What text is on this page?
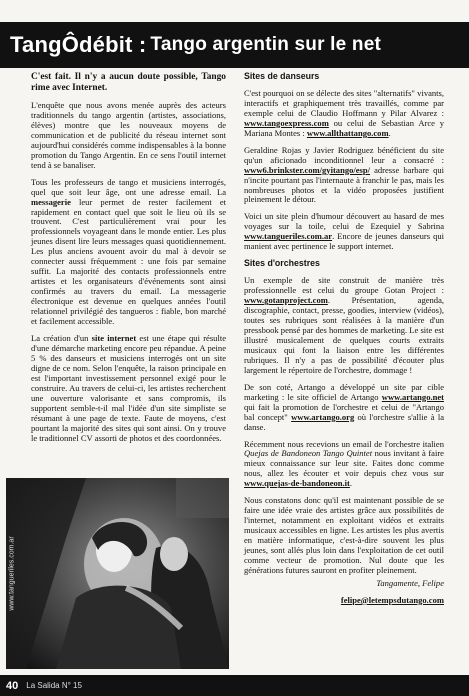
TangÔdébit : Tango argentin sur le net

C'est fait. Il n'y a aucun doute possible, Tango rime avec Internet.

L'enquête que nous avons menée auprès des acteurs traditionnels du tango argentin (artistes, associations, élèves) montre que les nouveaux moyens de communication et de publicité du réseau internet sont aujourd'hui considérés comme indispensables à la bonne promotion du Tango Argentin. En ce sens l'outil internet tend à se banaliser.

Tous les professeurs de tango et musiciens interrogés, quel que soit leur âge, ont une adresse email. La messagerie leur permet de rester facilement et rapidement en contact quel que soit le lieu où ils se trouvent. C'est particulièrement vrai pour les professionnels voyageant dans le monde entier. Les plus jeunes disent lire leurs messages quasi quotidiennement. Les plus anciens avouent avoir du mal à devoir se connecter aussi fréquemment : une fois par semaine suffit. La majorité des contacts professionnels entre artistes et les organisateurs d'événements sont ainsi confirmés au travers du email. La messagerie électronique est devenue en quelques années l'outil relationnel privilégié des tangueros : fiable, bon marché et facilement accessible.

La création d'un site internet est une étape qui résulte d'une démarche marketing encore peu répandue. A peine 5 % des danseurs et musiciens interrogés ont un site digne de ce nom. Selon l'enquête, la raison principale en est l'important investissement personnel exigé pour le construire. Au travers de celui-ci, les artistes recherchent une ouverture valorisante et sans compromis, ils supportent semble-t-il mal l'idée d'un site simpliste se résumant à une page de texte. Faute de moyens, c'est pourtant la majorité des sites qui sont ainsi. On y trouve le traditionnel CV assorti de photos et des coordonnées.

www.tangueriles.com.ar

Sites de danseurs

C'est pourquoi on se délecte des sites "alternatifs" vivants, interactifs et graphiquement très travaillés, comme par exemple celui de Claudio Hoffmann y Pilar Alvarez : www.tangoexpress.com ou celui de Sebastian Arce y Mariana Montes : www.allthattango.com.

Geraldine Rojas y Javier Rodriguez bénéficient du site qu'un aficionado inconditionnel leur a consacré : www6.brinkster.com/gyitango/esp/ adresse barbare qui n'incite pourtant pas l'internaute à franchir le pas, mais les nombreuses photos et la vidéo proposées justifient pleinement le détour.

Voici un site plein d'humour découvert au hasard de mes voyages sur la toile, celui de Ezequiel y Sabrina www.tangueriles.com.ar. Encore de jeunes danseurs qui manient avec pertinence le support internet.

Sites d'orchestres

Un exemple de site construit de manière très professionnelle est celui du groupe Gotan Project : www.gotanproject.com. Présentation, agenda, discographie, contact, presse, goodies, interview (vidéos), toutes ses rubriques sont réalisées à la manière d'un pressbook pensé par des hommes de marketing. Le site est illustré musicalement de quelques courts extraits musicaux qui font la liaison entre les différentes rubriques. Il n'y a pas de possibilité d'écouter plus largement le répertoire de l'orchestre, dommage !

De son coté, Artango a développé un site par cible marketing : le site officiel de Artango www.artango.net qui fait la promotion de l'orchestre et celui de "Artango bal concept" www.artango.org où l'orchestre s'allie à la danse.

Récemment nous recevions un email de l'orchestre italien Quejas de Bandoneon Tango Quintet nous invitant à faire mieux connaissance sur leur site. Faites donc comme nous, allez les écouter et voir depuis chez vous sur www.quejas-de-bandoneon.it.

Nous constatons donc qu'il est maintenant possible de se faire une idée vraie des artistes grâce aux possibilités de l'internet, notamment en exploitant vidéos et extraits musicaux accessibles en ligne. Les artistes les plus avertis en matière informatique, c'est-à-dire souvent les plus jeunes, sont allés plus loin dans l'exploitation de cet outil comme vecteur de promotion. Nul doute que les générations futures sauront en profiter pleinement.

Tangamente, Felipe

felipe@letempsdutango.com

40 La Salida N° 15
